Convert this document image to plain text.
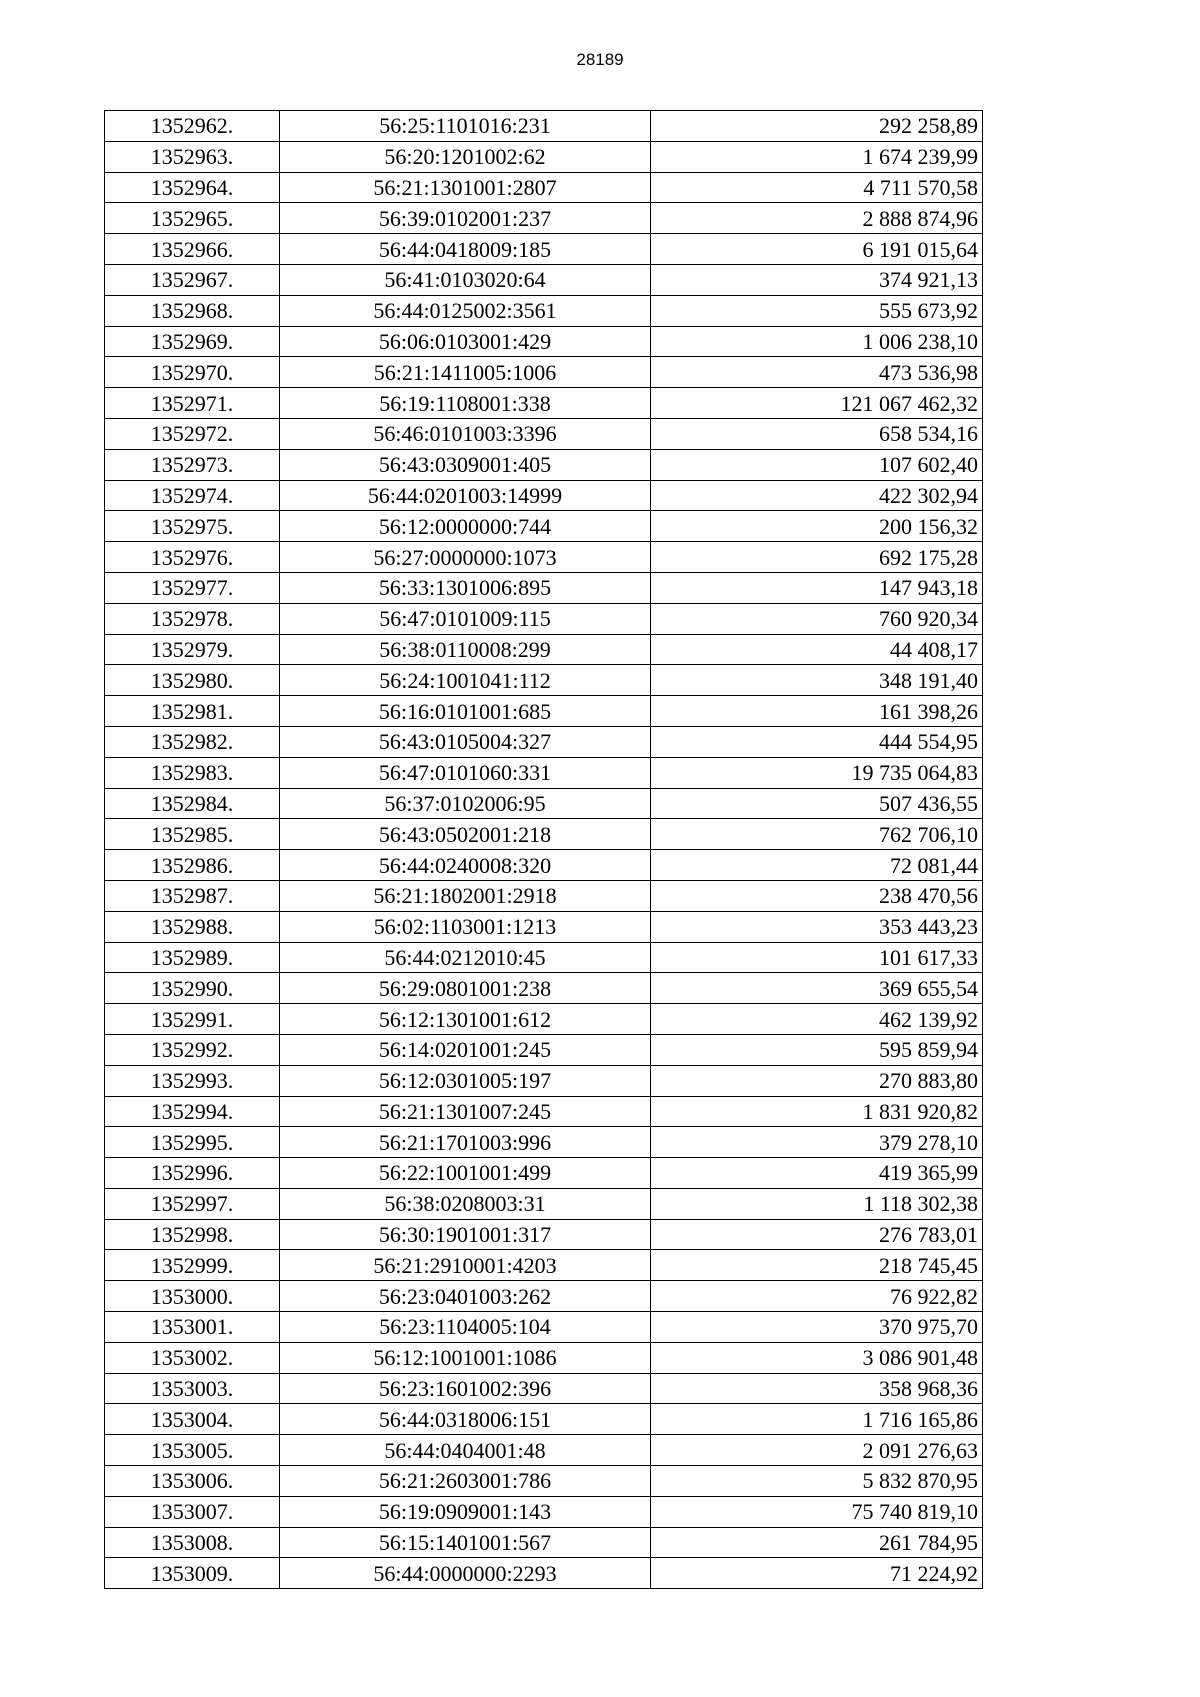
28189
1352962.	56:25:1101016:231	292 258,89
1352963.	56:20:1201002:62	1 674 239,99
1352964.	56:21:1301001:2807	4 711 570,58
1352965.	56:39:0102001:237	2 888 874,96
1352966.	56:44:0418009:185	6 191 015,64
1352967.	56:41:0103020:64	374 921,13
1352968.	56:44:0125002:3561	555 673,92
1352969.	56:06:0103001:429	1 006 238,10
1352970.	56:21:1411005:1006	473 536,98
1352971.	56:19:1108001:338	121 067 462,32
1352972.	56:46:0101003:3396	658 534,16
1352973.	56:43:0309001:405	107 602,40
1352974.	56:44:0201003:14999	422 302,94
1352975.	56:12:0000000:744	200 156,32
1352976.	56:27:0000000:1073	692 175,28
1352977.	56:33:1301006:895	147 943,18
1352978.	56:47:0101009:115	760 920,34
1352979.	56:38:0110008:299	44 408,17
1352980.	56:24:1001041:112	348 191,40
1352981.	56:16:0101001:685	161 398,26
1352982.	56:43:0105004:327	444 554,95
1352983.	56:47:0101060:331	19 735 064,83
1352984.	56:37:0102006:95	507 436,55
1352985.	56:43:0502001:218	762 706,10
1352986.	56:44:0240008:320	72 081,44
1352987.	56:21:1802001:2918	238 470,56
1352988.	56:02:1103001:1213	353 443,23
1352989.	56:44:0212010:45	101 617,33
1352990.	56:29:0801001:238	369 655,54
1352991.	56:12:1301001:612	462 139,92
1352992.	56:14:0201001:245	595 859,94
1352993.	56:12:0301005:197	270 883,80
1352994.	56:21:1301007:245	1 831 920,82
1352995.	56:21:1701003:996	379 278,10
1352996.	56:22:1001001:499	419 365,99
1352997.	56:38:0208003:31	1 118 302,38
1352998.	56:30:1901001:317	276 783,01
1352999.	56:21:2910001:4203	218 745,45
1353000.	56:23:0401003:262	76 922,82
1353001.	56:23:1104005:104	370 975,70
1353002.	56:12:1001001:1086	3 086 901,48
1353003.	56:23:1601002:396	358 968,36
1353004.	56:44:0318006:151	1 716 165,86
1353005.	56:44:0404001:48	2 091 276,63
1353006.	56:21:2603001:786	5 832 870,95
1353007.	56:19:0909001:143	75 740 819,10
1353008.	56:15:1401001:567	261 784,95
1353009.	56:44:0000000:2293	71 224,92
